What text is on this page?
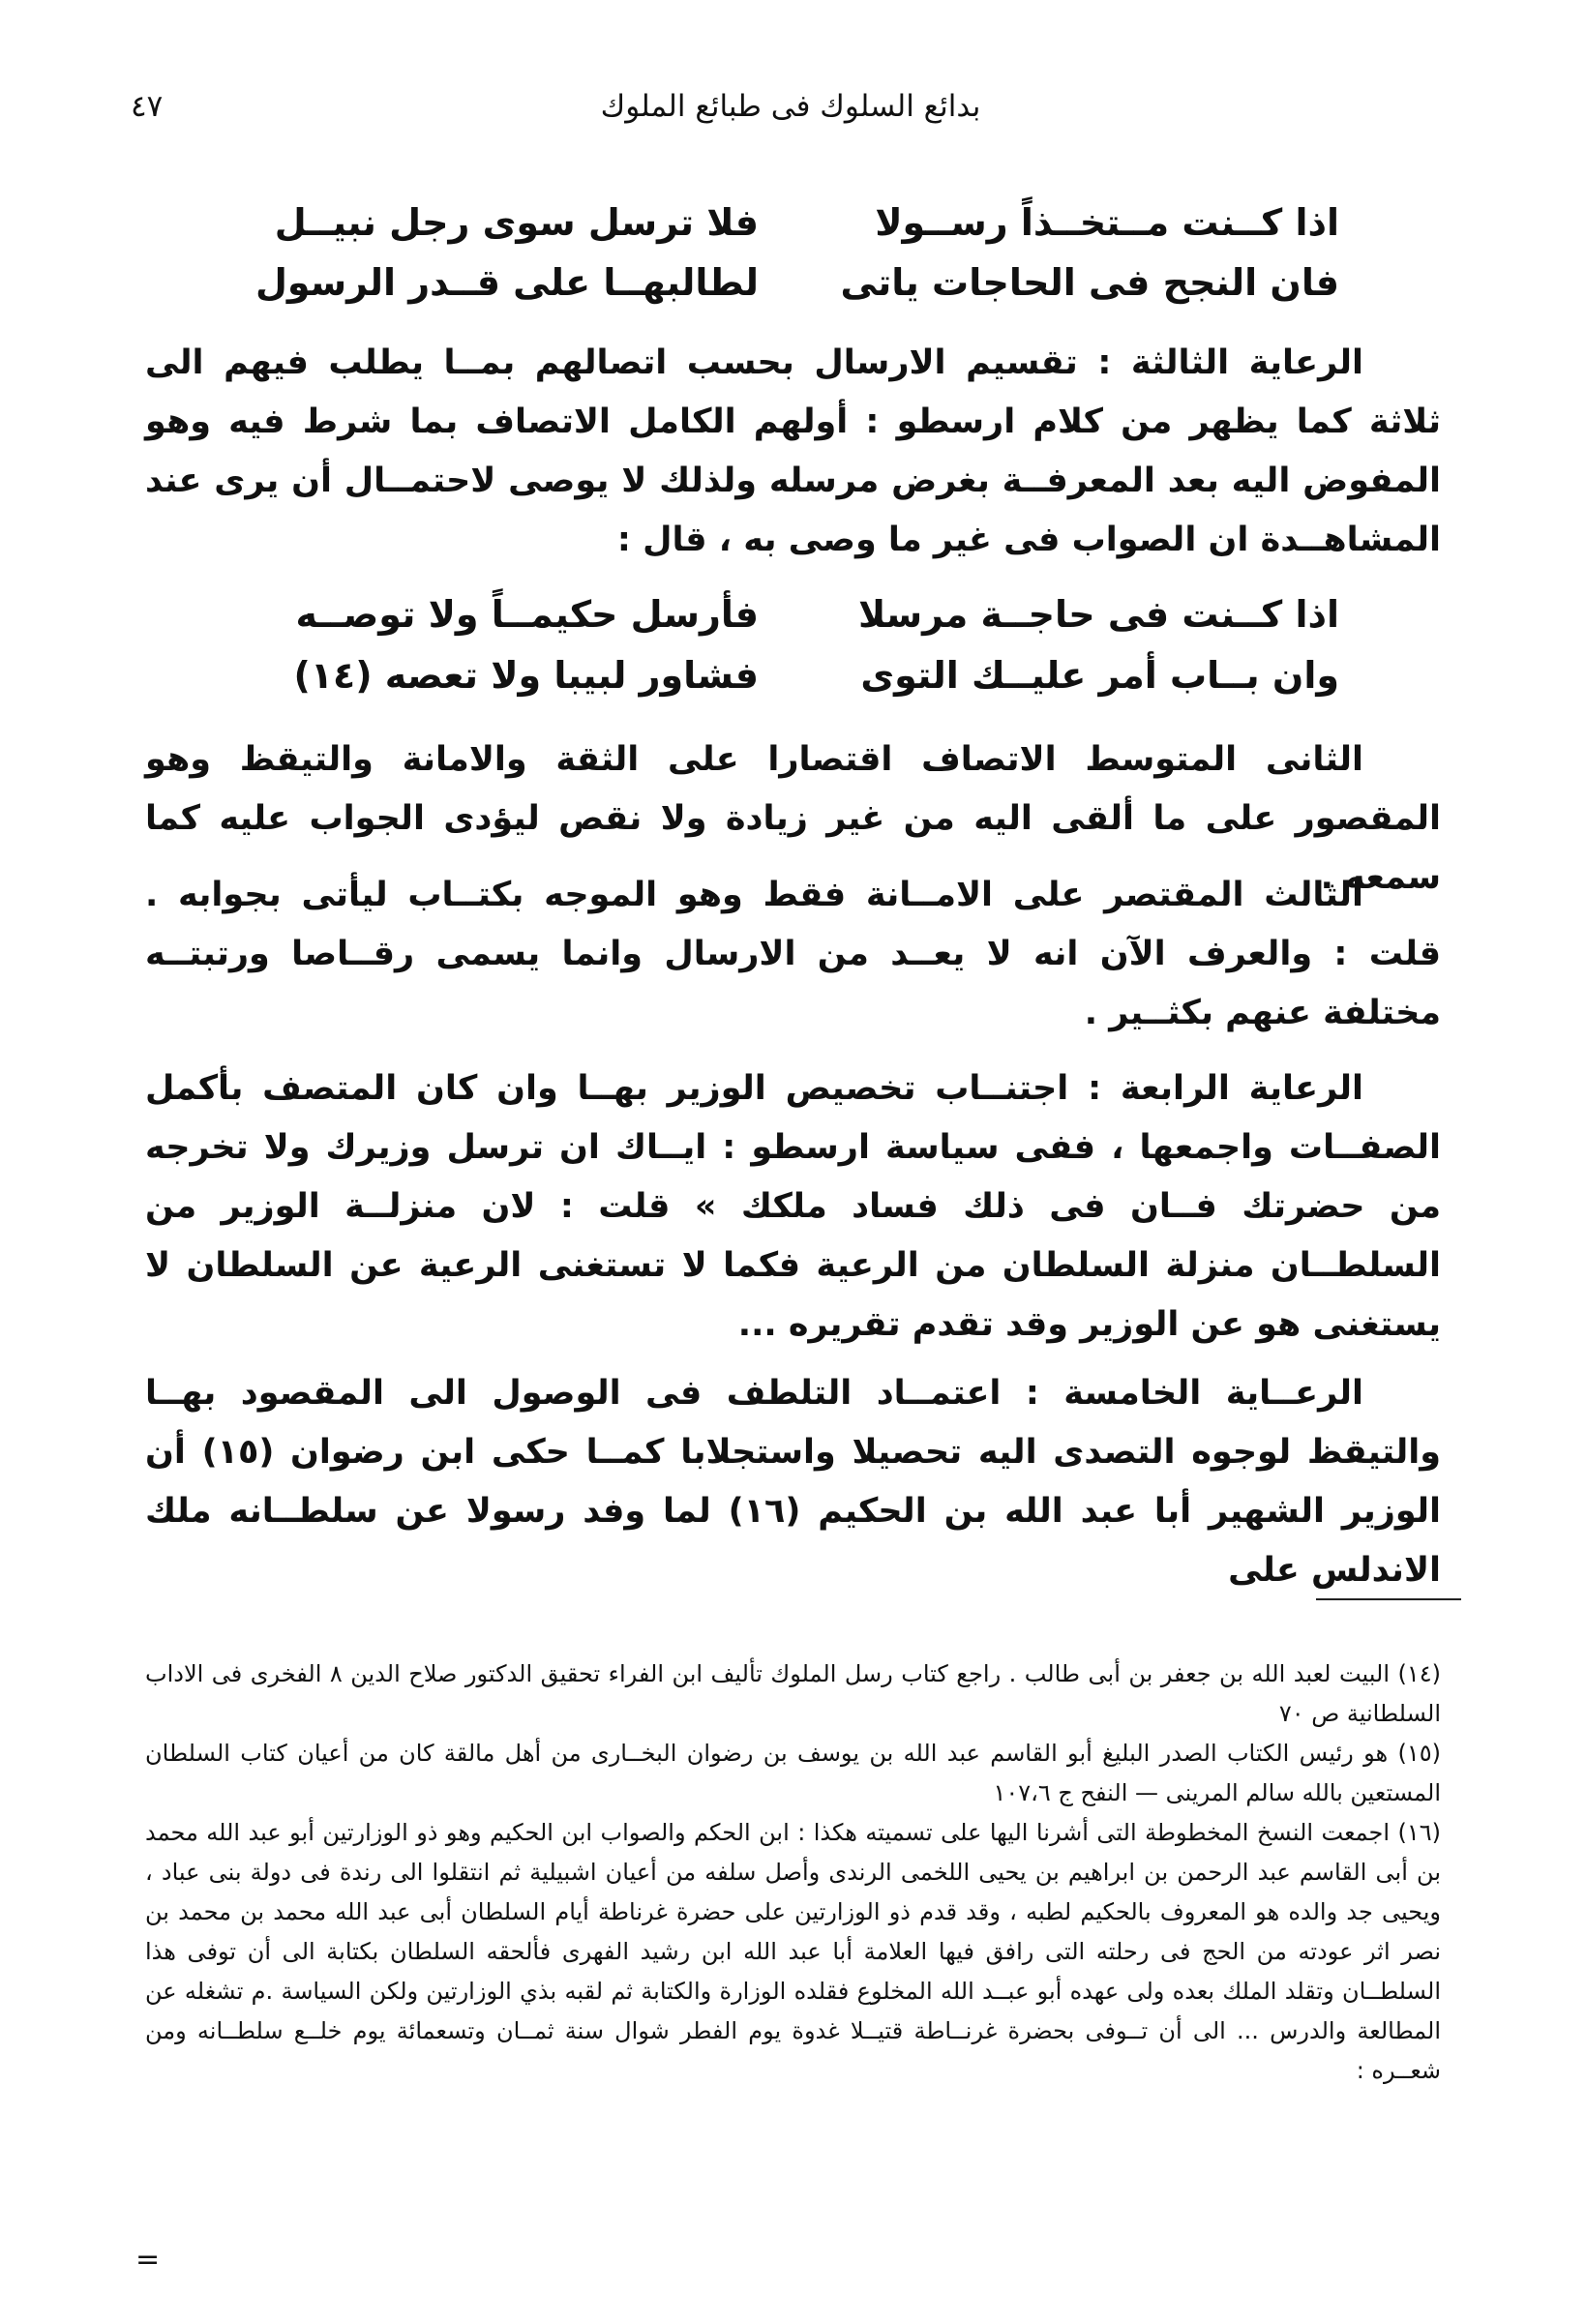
٤٧	بدائع السلوك فى طبائع الملوك
اذا كــنت مــتخــذاً رســولا
فلا ترسل سوى رجل نبيــل
فان النجح فى الحاجات ياتى
لطالبهــا على قــدر الرسول
الرعاية الثالثة : تقسيم الارسال بحسب اتصالهم بمــا يطلب فيهم الى ثلاثة كما يظهر من كلام ارسطو : أولهم الكامل الاتصاف بما شرط فيه وهو المفوض اليه بعد المعرفــة بغرض مرسله ولذلك لا يوصى لاحتمــال أن يرى عند المشاهــدة ان الصواب فى غير ما وصى به ، قال :
اذا كــنت فى حاجــة مرسلا
فأرسل حكيمــاً ولا توصــه
وان بــاب أمر عليــك التوى
فشاور لبيبا ولا تعصه (١٤)
الثانى المتوسط الاتصاف اقتصارا على الثقة والامانة والتيقظ وهو المقصور على ما ألقى اليه من غير زيادة ولا نقص ليؤدى الجواب عليه كما سمعه .
الثالث المقتصر على الامــانة فقط وهو الموجه بكتــاب ليأتى بجوابه . قلت : والعرف الآن انه لا يعــد من الارسال وانما يسمى رقــاصا ورتبتــه مختلفة عنهم بكثــير .
الرعاية الرابعة : اجتنــاب تخصيص الوزير بهــا وان كان المتصف بأكمل الصفــات واجمعها ، ففى سياسة ارسطو : ايــاك ان ترسل وزيرك ولا تخرجه من حضرتك فــان فى ذلك فساد ملكك » قلت : لان منزلــة الوزير من السلطــان منزلة السلطان من الرعية فكما لا تستغنى الرعية عن السلطان لا يستغنى هو عن الوزير وقد تقدم تقريره ...
الرعــاية الخامسة : اعتمــاد التلطف فى الوصول الى المقصود بهــا والتيقظ لوجوه التصدى اليه تحصيلا واستجلابا كمــا حكى ابن رضوان (١٥) أن الوزير الشهير أبا عبد الله بن الحكيم (١٦) لما وفد رسولا عن سلطــانه ملك الاندلس على

(١٤) البيت لعبد الله بن جعفر بن أبى طالب . راجع كتاب رسل الملوك تأليف ابن الفراء تحقيق الدكتور صلاح الدين ٨ الفخرى فى الاداب السلطانية ص ٧٠

(١٥) هو رئيس الكتاب الصدر البليغ أبو القاسم عبد الله بن يوسف بن رضوان البخــارى من أهل مالقة كان من أعيان كتاب السلطان المستعين بالله سالم المرينى — النفح ج ١٠٧،٦

(١٦) اجمعت النسخ المخطوطة التى أشرنا اليها على تسميته هكذا : ابن الحكم والصواب ابن الحكيم وهو ذو الوزارتين أبو عبد الله محمد بن أبى القاسم عبد الرحمن بن ابراهيم بن يحيى اللخمى الرندى وأصل سلفه من أعيان اشبيلية ثم انتقلوا الى رندة فى دولة بنى عباد ، ويحيى جد والده هو المعروف بالحكيم لطبه ، وقد قدم ذو الوزارتين على حضرة غرناطة أيام السلطان أبى عبد الله محمد بن محمد بن نصر اثر عودته من الحج فى رحلته التى رافق فيها العلامة أبا عبد الله ابن رشيد الفهرى فألحقه السلطان بكتابة الى أن توفى هذا السلطــان وتقلد الملك بعده ولى عهده أبو عبــد الله المخلوع فقلده الوزارة والكتابة ثم لقبه بذي الوزارتين ولكن السياسة .م تشغله عن المطالعة والدرس ... الى أن تــوفى بحضرة غرنــاطة قتيــلا غدوة يوم الفطر شوال سنة ثمــان وتسعمائة يوم خلــع سلطــانه ومن شعــره :

=
